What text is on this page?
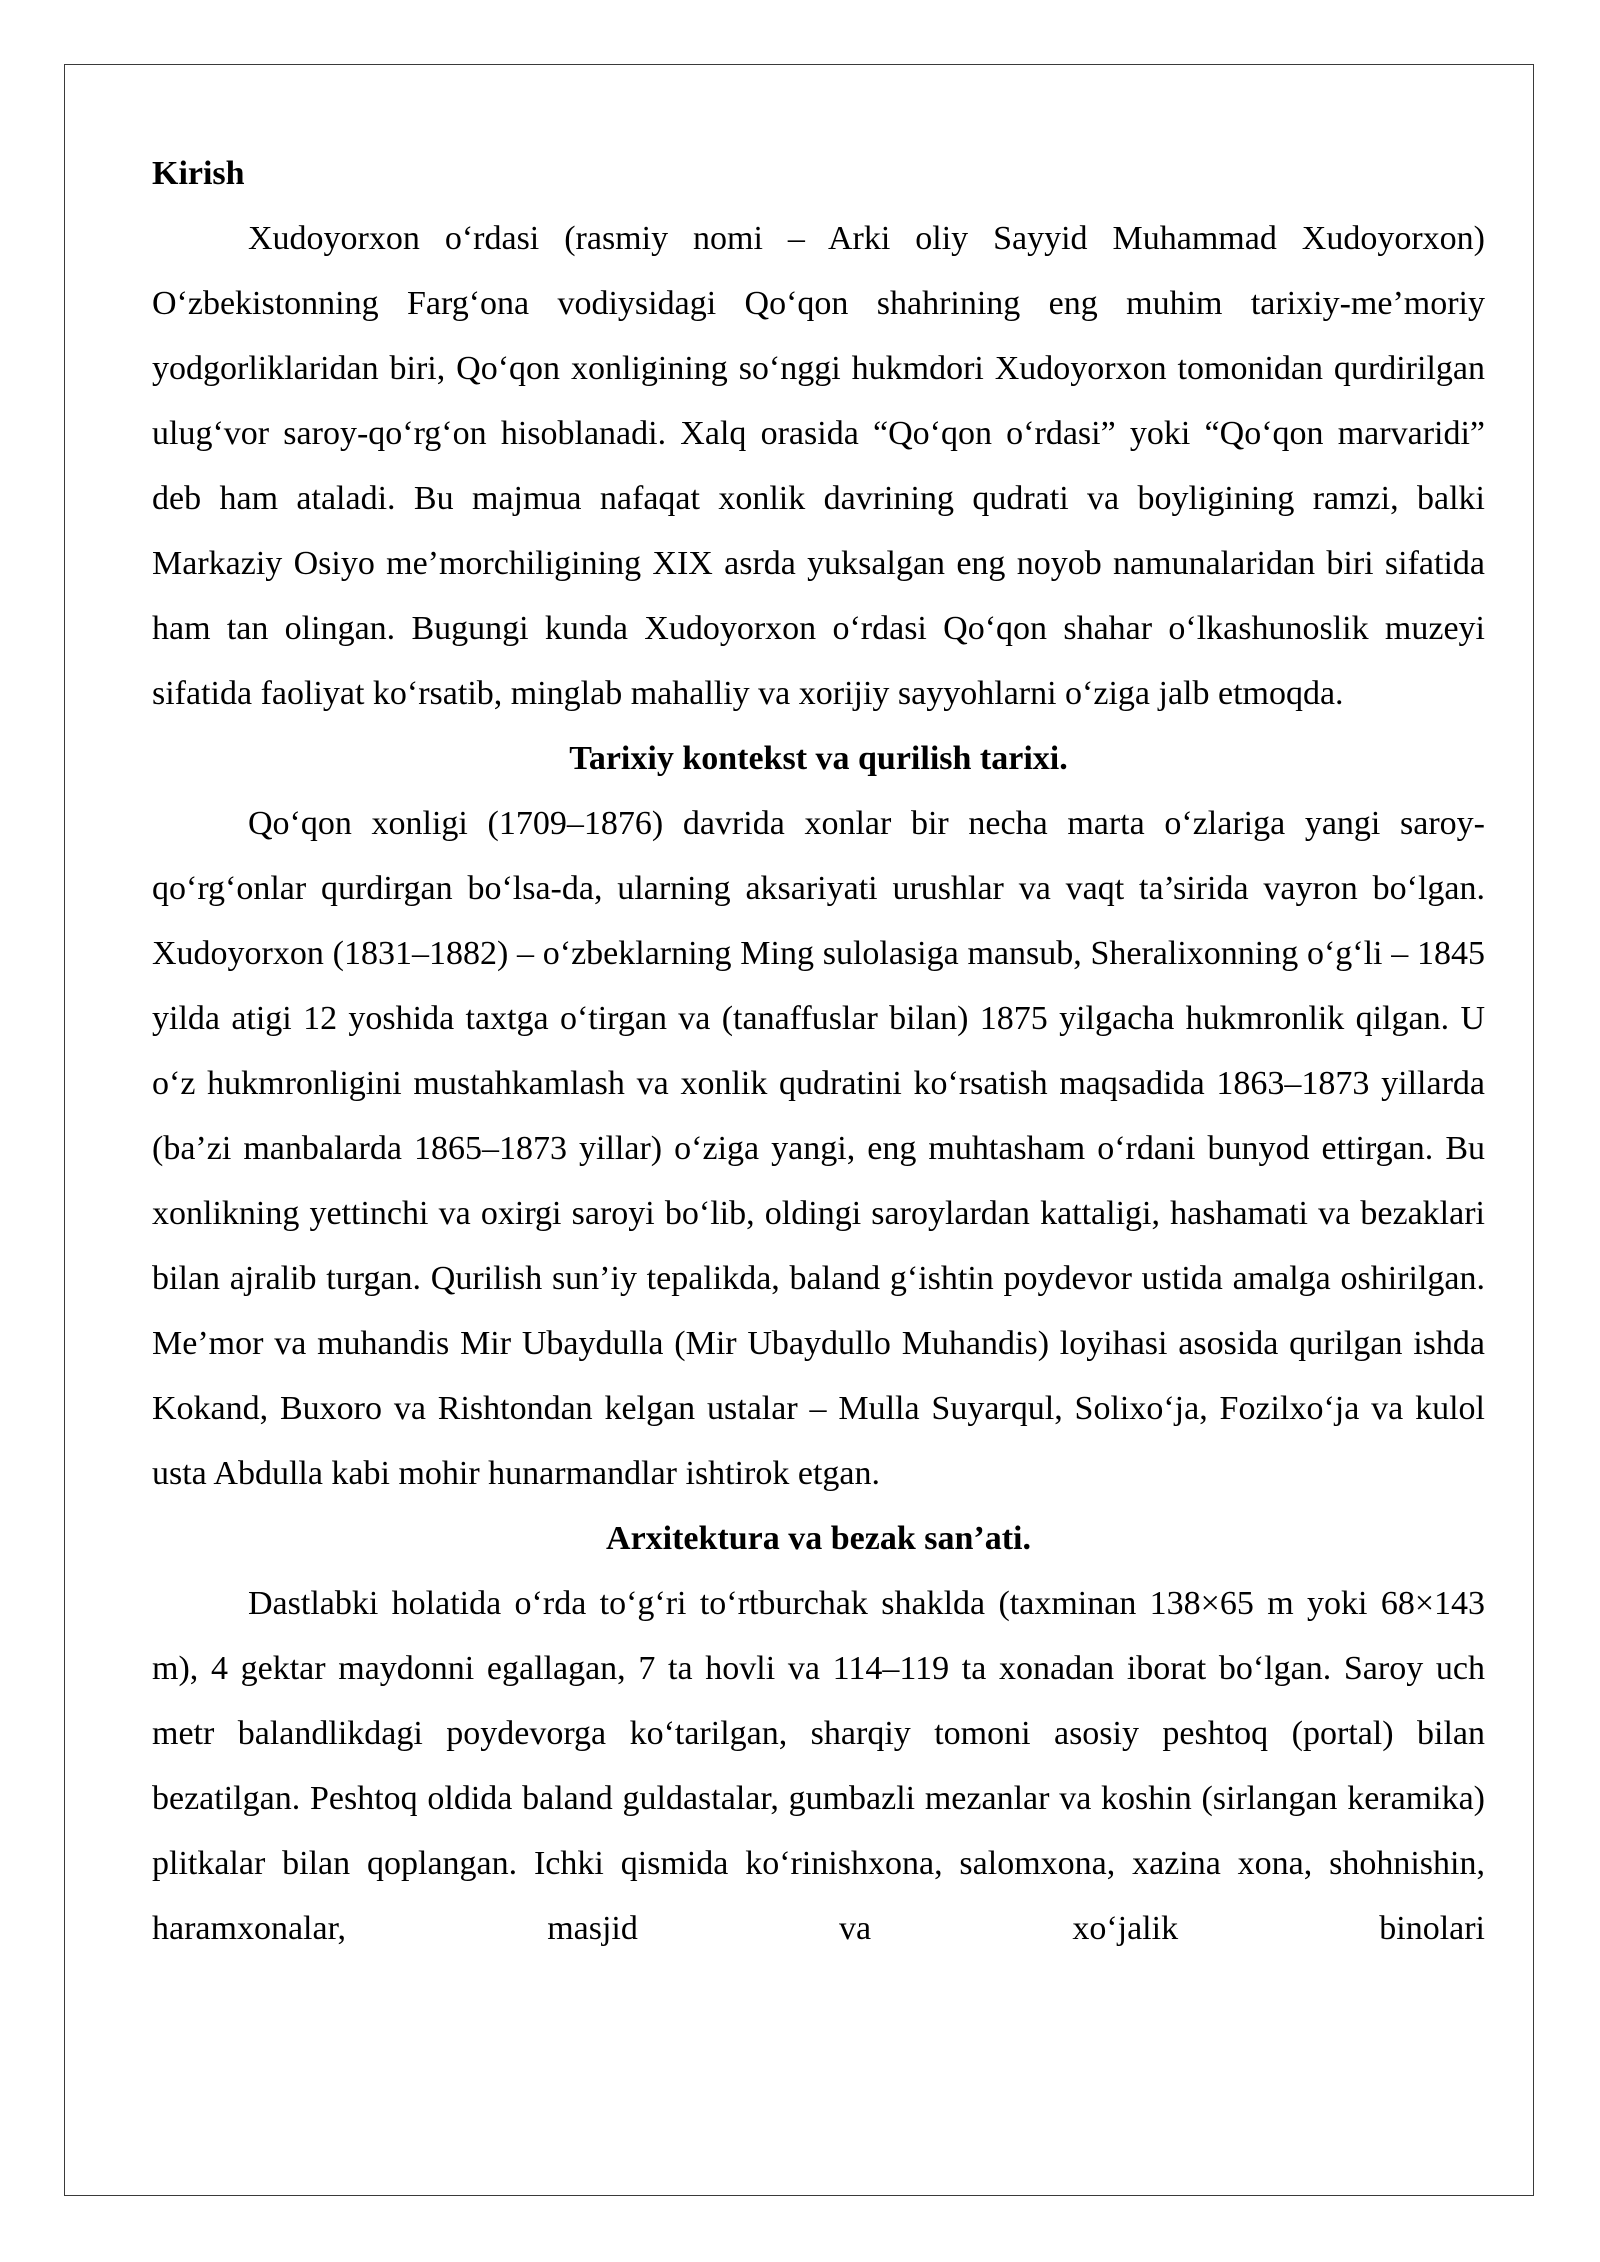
Kirish

Xudoyorxon o‘rdasi (rasmiy nomi – Arki oliy Sayyid Muhammad Xudoyorxon) O‘zbekistonning Farg‘ona vodiysidagi Qo‘qon shahrining eng muhim tarixiy-me’moriy yodgorliklaridan biri, Qo‘qon xonligining so‘nggi hukmdori Xudoyorxon tomonidan qurdirilgan ulug‘vor saroy-qo‘rg‘on hisoblanadi. Xalq orasida “Qo‘qon o‘rdasi” yoki “Qo‘qon marvaridi” deb ham ataladi. Bu majmua nafaqat xonlik davrining qudrati va boyligining ramzi, balki Markaziy Osiyo me’morchiligining XIX asrda yuksalgan eng noyob namunalaridan biri sifatida ham tan olingan. Bugungi kunda Xudoyorxon o‘rdasi Qo‘qon shahar o‘lkashunoslik muzeyi sifatida faoliyat ko‘rsatib, minglab mahalliy va xorijiy sayyohlarni o‘ziga jalb etmoqda.

Tarixiy kontekst va qurilish tarixi.

Qo‘qon xonligi (1709–1876) davrida xonlar bir necha marta o‘zlariga yangi saroy-qo‘rg‘onlar qurdirgan bo‘lsa-da, ularning aksariyati urushlar va vaqt ta’sirida vayron bo‘lgan. Xudoyorxon (1831–1882) – o‘zbeklarning Ming sulolasiga mansub, Sheralixonning o‘g‘li – 1845 yilda atigi 12 yoshida taxtga o‘tirgan va (tanaffuslar bilan) 1875 yilgacha hukmronlik qilgan. U o‘z hukmronligini mustahkamlash va xonlik qudratini ko‘rsatish maqsadida 1863–1873 yillarda (ba’zi manbalarda 1865–1873 yillar) o‘ziga yangi, eng muhtasham o‘rdani bunyod ettirgan. Bu xonlikning yettinchi va oxirgi saroyi bo‘lib, oldingi saroylardan kattaligi, hashamati va bezaklari bilan ajralib turgan. Qurilish sun’iy tepalikda, baland g‘ishtin poydevor ustida amalga oshirilgan. Me’mor va muhandis Mir Ubaydulla (Mir Ubaydullo Muhandis) loyihasi asosida qurilgan ishda Kokand, Buxoro va Rishtondan kelgan ustalar – Mulla Suyarqul, Solixo‘ja, Fozilxo‘ja va kulol usta Abdulla kabi mohir hunarmandlar ishtirok etgan.

Arxitektura va bezak san’ati.

Dastlabki holatida o‘rda to‘g‘ri to‘rtburchak shaklda (taxminan 138×65 m yoki 68×143 m), 4 gektar maydonni egallagan, 7 ta hovli va 114–119 ta xonadan iborat bo‘lgan. Saroy uch metr balandlikdagi poydevorga ko‘tarilgan, sharqiy tomoni asosiy peshtoq (portal) bilan bezatilgan. Peshtoq oldida baland guldastalar, gumbazli mezanlar va koshin (sirlangan keramika) plitkalar bilan qoplangan. Ichki qismida ko‘rinishxona, salomxona, xazina xona, shohnishin, haramxonalar, masjid va xo‘jalik binolari
